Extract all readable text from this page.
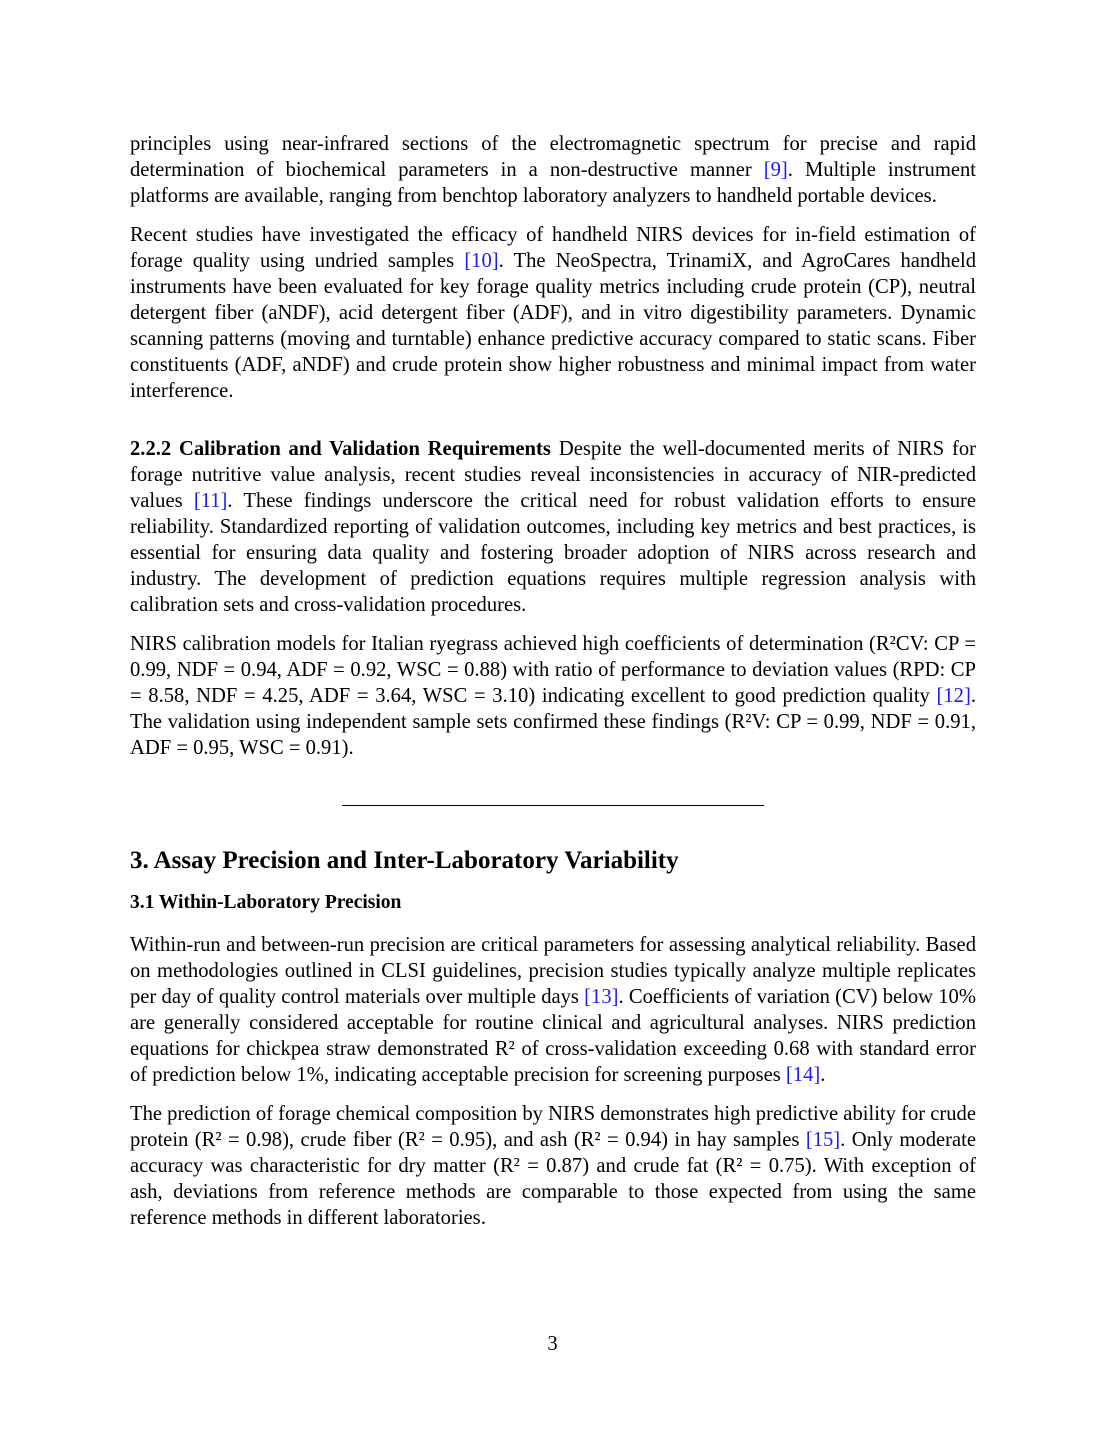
principles using near-infrared sections of the electromagnetic spectrum for precise and rapid determination of biochemical parameters in a non-destructive manner [9]. Multiple instrument platforms are available, ranging from benchtop laboratory analyzers to handheld portable devices.

Recent studies have investigated the efficacy of handheld NIRS devices for in-field estimation of forage quality using undried samples [10]. The NeoSpectra, TrinamiX, and AgroCares handheld instruments have been evaluated for key forage quality metrics including crude protein (CP), neutral detergent fiber (aNDF), acid detergent fiber (ADF), and in vitro digestibility parameters. Dynamic scanning patterns (moving and turntable) enhance predictive accuracy compared to static scans. Fiber constituents (ADF, aNDF) and crude protein show higher robustness and minimal impact from water interference.

2.2.2 Calibration and Validation Requirements Despite the well-documented merits of NIRS for forage nutritive value analysis, recent studies reveal inconsistencies in accuracy of NIR-predicted values [11]. These findings underscore the critical need for robust validation efforts to ensure reliability. Standardized reporting of validation outcomes, including key metrics and best practices, is essential for ensuring data quality and fostering broader adoption of NIRS across research and industry. The development of prediction equations requires multiple regression analysis with calibration sets and cross-validation procedures.

NIRS calibration models for Italian ryegrass achieved high coefficients of determination (R²CV: CP = 0.99, NDF = 0.94, ADF = 0.92, WSC = 0.88) with ratio of performance to deviation values (RPD: CP = 8.58, NDF = 4.25, ADF = 3.64, WSC = 3.10) indicating excellent to good prediction quality [12]. The validation using independent sample sets confirmed these findings (R²V: CP = 0.99, NDF = 0.91, ADF = 0.95, WSC = 0.91).

3. Assay Precision and Inter-Laboratory Variability
3.1 Within-Laboratory Precision

Within-run and between-run precision are critical parameters for assessing analytical reliability. Based on methodologies outlined in CLSI guidelines, precision studies typically analyze multiple replicates per day of quality control materials over multiple days [13]. Coefficients of variation (CV) below 10% are generally considered acceptable for routine clinical and agricultural analyses. NIRS prediction equations for chickpea straw demonstrated R² of cross-validation exceeding 0.68 with standard error of prediction below 1%, indicating acceptable precision for screening purposes [14].

The prediction of forage chemical composition by NIRS demonstrates high predictive ability for crude protein (R² = 0.98), crude fiber (R² = 0.95), and ash (R² = 0.94) in hay samples [15]. Only moderate accuracy was characteristic for dry matter (R² = 0.87) and crude fat (R² = 0.75). With exception of ash, deviations from reference methods are comparable to those expected from using the same reference methods in different laboratories.

3
